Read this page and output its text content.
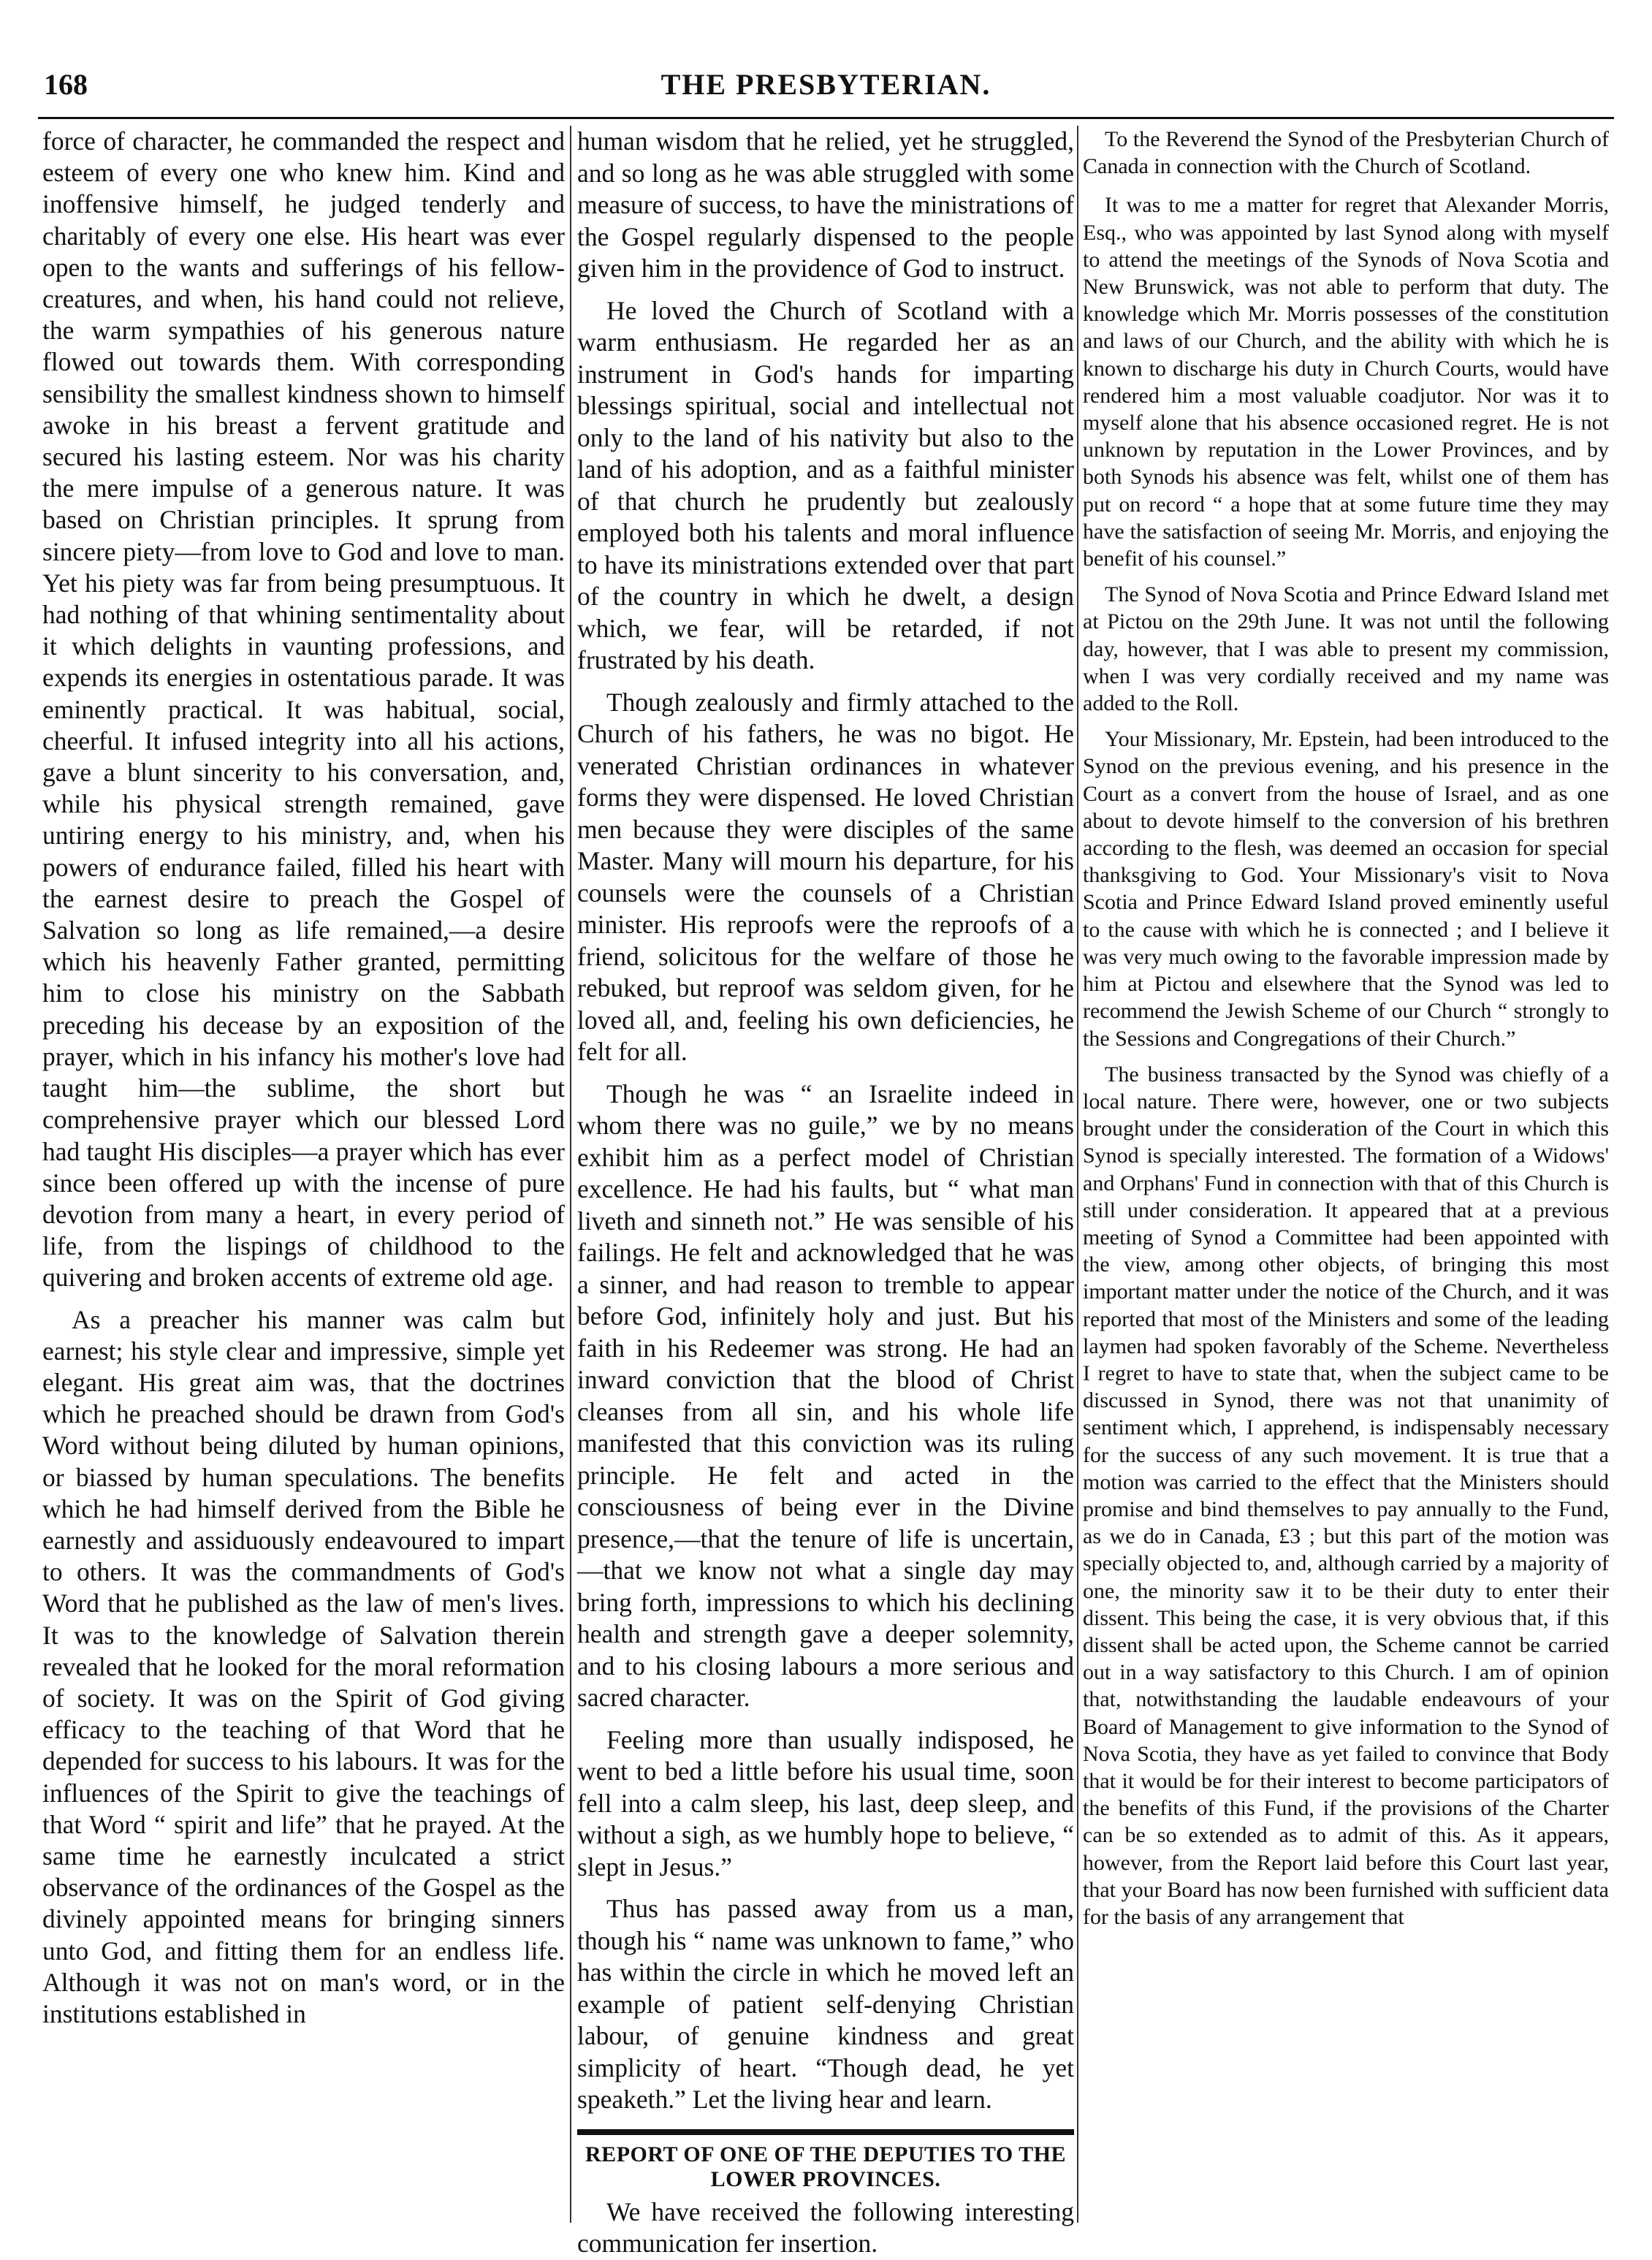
168	THE PRESBYTERIAN.

force of character, he commanded the respect and esteem of every one who knew him. Kind and inoffensive himself, he judged tenderly and charitably of every one else. His heart was ever open to the wants and sufferings of his fellow-creatures, and when, his hand could not relieve, the warm sympathies of his generous nature flowed out towards them. With corresponding sensibility the smallest kindness shown to himself awoke in his breast a fervent gratitude and secured his lasting esteem. Nor was his charity the mere impulse of a generous nature. It was based on Christian principles. It sprung from sincere piety—from love to God and love to man. Yet his piety was far from being presumptuous. It had nothing of that whining sentimentality about it which delights in vaunting professions, and expends its energies in ostentatious parade. It was eminently practical. It was habitual, social, cheerful. It infused integrity into all his actions, gave a blunt sincerity to his conversation, and, while his physical strength remained, gave untiring energy to his ministry, and, when his powers of endurance failed, filled his heart with the earnest desire to preach the Gospel of Salvation so long as life remained,—a desire which his heavenly Father granted, permitting him to close his ministry on the Sabbath preceding his decease by an exposition of the prayer, which in his infancy his mother's love had taught him—the sublime, the short but comprehensive prayer which our blessed Lord had taught His disciples—a prayer which has ever since been offered up with the incense of pure devotion from many a heart, in every period of life, from the lispings of childhood to the quivering and broken accents of extreme old age.

As a preacher his manner was calm but earnest; his style clear and impressive, simple yet elegant. His great aim was, that the doctrines which he preached should be drawn from God's Word without being diluted by human opinions, or biassed by human speculations. The benefits which he had himself derived from the Bible he earnestly and assiduously endeavoured to impart to others. It was the commandments of God's Word that he published as the law of men's lives. It was to the knowledge of Salvation therein revealed that he looked for the moral reformation of society. It was on the Spirit of God giving efficacy to the teaching of that Word that he depended for success to his labours. It was for the influences of the Spirit to give the teachings of that Word “ spirit and life” that he prayed. At the same time he earnestly inculcated a strict observance of the ordinances of the Gospel as the divinely appointed means for bringing sinners unto God, and fitting them for an endless life. Although it was not on man's word, or in the institutions established in

human wisdom that he relied, yet he struggled, and so long as he was able struggled with some measure of success, to have the ministrations of the Gospel regularly dispensed to the people given him in the providence of God to instruct.

He loved the Church of Scotland with a warm enthusiasm. He regarded her as an instrument in God's hands for imparting blessings spiritual, social and intellectual not only to the land of his nativity but also to the land of his adoption, and as a faithful minister of that church he prudently but zealously employed both his talents and moral influence to have its ministrations extended over that part of the country in which he dwelt, a design which, we fear, will be retarded, if not frustrated by his death.

Though zealously and firmly attached to the Church of his fathers, he was no bigot. He venerated Christian ordinances in whatever forms they were dispensed. He loved Christian men because they were disciples of the same Master. Many will mourn his departure, for his counsels were the counsels of a Christian minister. His reproofs were the reproofs of a friend, solicitous for the welfare of those he rebuked, but reproof was seldom given, for he loved all, and, feeling his own deficiencies, he felt for all.

Though he was “ an Israelite indeed in whom there was no guile,” we by no means exhibit him as a perfect model of Christian excellence. He had his faults, but “ what man liveth and sinneth not.” He was sensible of his failings. He felt and acknowledged that he was a sinner, and had reason to tremble to appear before God, infinitely holy and just. But his faith in his Redeemer was strong. He had an inward conviction that the blood of Christ cleanses from all sin, and his whole life manifested that this conviction was its ruling principle. He felt and acted in the consciousness of being ever in the Divine presence,—that the tenure of life is uncertain,—that we know not what a single day may bring forth, impressions to which his declining health and strength gave a deeper solemnity, and to his closing labours a more serious and sacred character.

Feeling more than usually indisposed, he went to bed a little before his usual time, soon fell into a calm sleep, his last, deep sleep, and without a sigh, as we humbly hope to believe, “ slept in Jesus.”

Thus has passed away from us a man, though his “ name was unknown to fame,” who has within the circle in which he moved left an example of patient self-denying Christian labour, of genuine kindness and great simplicity of heart. “Though dead, he yet speaketh.” Let the living hear and learn.

REPORT OF ONE OF THE DEPUTIES TO THE LOWER PROVINCES.

We have received the following interesting communication fer insertion.

To the Reverend the Synod of the Presbyterian Church of Canada in connection with the Church of Scotland.

It was to me a matter for regret that Alexander Morris, Esq., who was appointed by last Synod along with myself to attend the meetings of the Synods of Nova Scotia and New Brunswick, was not able to perform that duty. The knowledge which Mr. Morris possesses of the constitution and laws of our Church, and the ability with which he is known to discharge his duty in Church Courts, would have rendered him a most valuable coadjutor. Nor was it to myself alone that his absence occasioned regret. He is not unknown by reputation in the Lower Provinces, and by both Synods his absence was felt, whilst one of them has put on record “ a hope that at some future time they may have the satisfaction of seeing Mr. Morris, and enjoying the benefit of his counsel.”

The Synod of Nova Scotia and Prince Edward Island met at Pictou on the 29th June. It was not until the following day, however, that I was able to present my commission, when I was very cordially received and my name was added to the Roll.

Your Missionary, Mr. Epstein, had been introduced to the Synod on the previous evening, and his presence in the Court as a convert from the house of Israel, and as one about to devote himself to the conversion of his brethren according to the flesh, was deemed an occasion for special thanksgiving to God. Your Missionary's visit to Nova Scotia and Prince Edward Island proved eminently useful to the cause with which he is connected ; and I believe it was very much owing to the favorable impression made by him at Pictou and elsewhere that the Synod was led to recommend the Jewish Scheme of our Church “ strongly to the Sessions and Congregations of their Church.”

The business transacted by the Synod was chiefly of a local nature. There were, however, one or two subjects brought under the consideration of the Court in which this Synod is specially interested. The formation of a Widows' and Orphans' Fund in connection with that of this Church is still under consideration. It appeared that at a previous meeting of Synod a Committee had been appointed with the view, among other objects, of bringing this most important matter under the notice of the Church, and it was reported that most of the Ministers and some of the leading laymen had spoken favorably of the Scheme. Nevertheless I regret to have to state that, when the subject came to be discussed in Synod, there was not that unanimity of sentiment which, I apprehend, is indispensably necessary for the success of any such movement. It is true that a motion was carried to the effect that the Ministers should promise and bind themselves to pay annually to the Fund, as we do in Canada, £3 ; but this part of the motion was specially objected to, and, although carried by a majority of one, the minority saw it to be their duty to enter their dissent. This being the case, it is very obvious that, if this dissent shall be acted upon, the Scheme cannot be carried out in a way satisfactory to this Church. I am of opinion that, notwithstanding the laudable endeavours of your Board of Management to give information to the Synod of Nova Scotia, they have as yet failed to convince that Body that it would be for their interest to become participators of the benefits of this Fund, if the provisions of the Charter can be so extended as to admit of this. As it appears, however, from the Report laid before this Court last year, that your Board has now been furnished with sufficient data for the basis of any arrangement that
